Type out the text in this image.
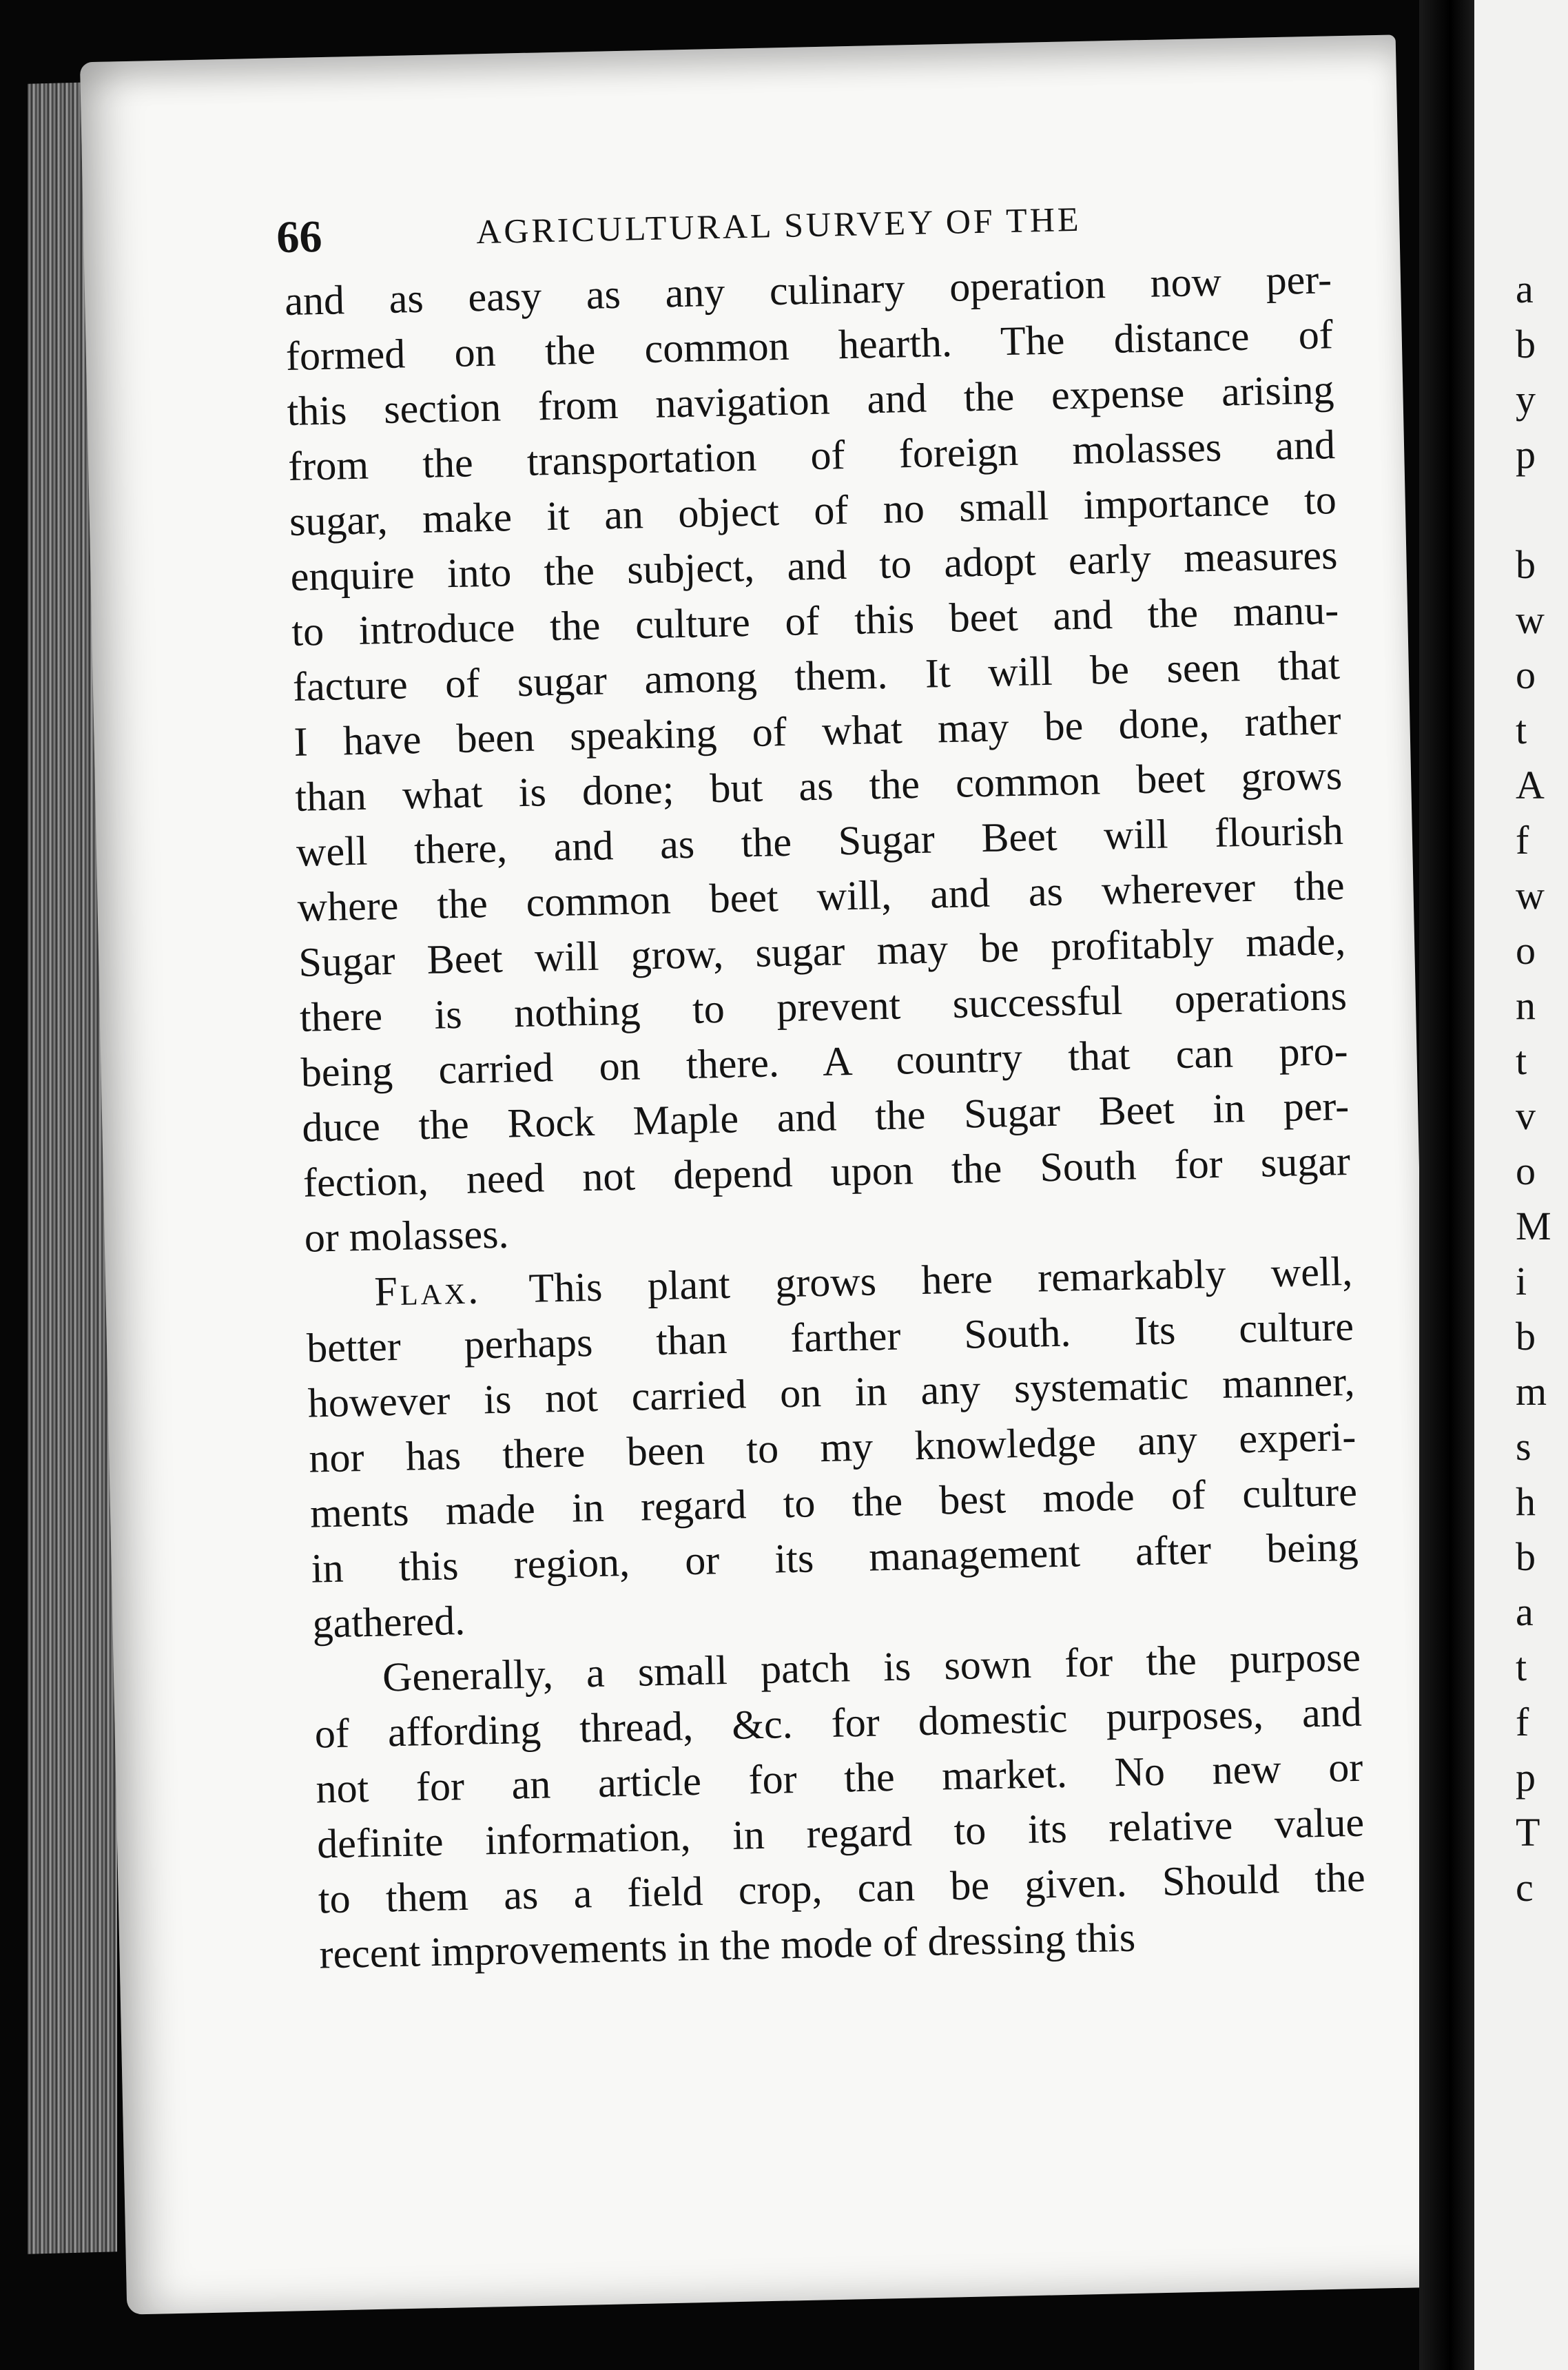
a
b
y
p
b
w
o
t
A
f
w
o
n
t
v
o
M
i
b
m
s
h
b
a
t
f
p
T
c
66	AGRICULTURAL SURVEY OF THE
and as easy as any culinary operation now per-
formed on the common hearth. The distance of
this section from navigation and the expense arising
from the transportation of foreign molasses and
sugar, make it an object of no small importance to
enquire into the subject, and to adopt early measures
to introduce the culture of this beet and the manu-
facture of sugar among them. It will be seen that
I have been speaking of what may be done, rather
than what is done; but as the common beet grows
well there, and as the Sugar Beet will flourish
where the common beet will, and as wherever the
Sugar Beet will grow, sugar may be profitably made,
there is nothing to prevent successful operations
being carried on there. A country that can pro-
duce the Rock Maple and the Sugar Beet in per-
fection, need not depend upon the South for sugar
or molasses.
Flax. This plant grows here remarkably well,
better perhaps than farther South. Its culture
however is not carried on in any systematic manner,
nor has there been to my knowledge any experi-
ments made in regard to the best mode of culture
in this region, or its management after being
gathered.
Generally, a small patch is sown for the purpose
of affording thread, &c. for domestic purposes, and
not for an article for the market. No new or
definite information, in regard to its relative value
to them as a field crop, can be given. Should the
recent improvements in the mode of dressing this
